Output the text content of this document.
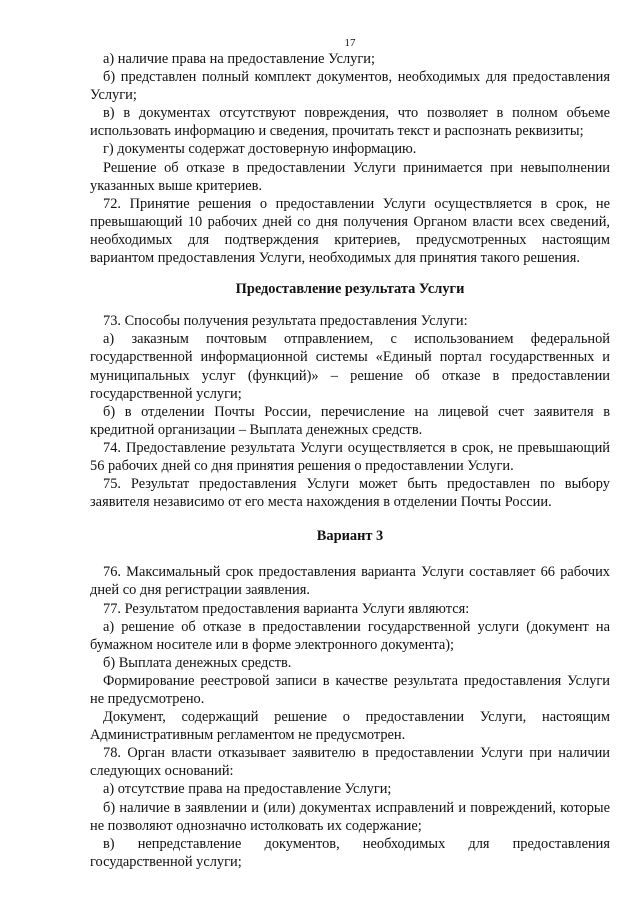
17

а) наличие права на предоставление Услуги;

б) представлен полный комплект документов, необходимых для предоставления Услуги;

в) в документах отсутствуют повреждения, что позволяет в полном объеме использовать информацию и сведения, прочитать текст и распознать реквизиты;

г) документы содержат достоверную информацию.

Решение об отказе в предоставлении Услуги принимается при невыполнении указанных выше критериев.

72. Принятие решения о предоставлении Услуги осуществляется в срок, не превышающий 10 рабочих дней со дня получения Органом власти всех сведений, необходимых для подтверждения критериев, предусмотренных настоящим вариантом предоставления Услуги, необходимых для принятия такого решения.

Предоставление результата Услуги

73. Способы получения результата предоставления Услуги:

а) заказным почтовым отправлением, с использованием федеральной государственной информационной системы «Единый портал государственных и муниципальных услуг (функций)» – решение об отказе в предоставлении государственной услуги;

б) в отделении Почты России, перечисление на лицевой счет заявителя в кредитной организации – Выплата денежных средств.

74. Предоставление результата Услуги осуществляется в срок, не превышающий 56 рабочих дней со дня принятия решения о предоставлении Услуги.

75. Результат предоставления Услуги может быть предоставлен по выбору заявителя независимо от его места нахождения в отделении Почты России.

Вариант 3

76. Максимальный срок предоставления варианта Услуги составляет 66 рабочих дней со дня регистрации заявления.

77. Результатом предоставления варианта Услуги являются:

а) решение об отказе в предоставлении государственной услуги (документ на бумажном носителе или в форме электронного документа);

б) Выплата денежных средств.

Формирование реестровой записи в качестве результата предоставления Услуги не предусмотрено.

Документ, содержащий решение о предоставлении Услуги, настоящим Административным регламентом не предусмотрен.

78. Орган власти отказывает заявителю в предоставлении Услуги при наличии следующих оснований:

а) отсутствие права на предоставление Услуги;

б) наличие в заявлении и (или) документах исправлений и повреждений, которые не позволяют однозначно истолковать их содержание;

в) непредставление документов, необходимых для предоставления государственной услуги;
